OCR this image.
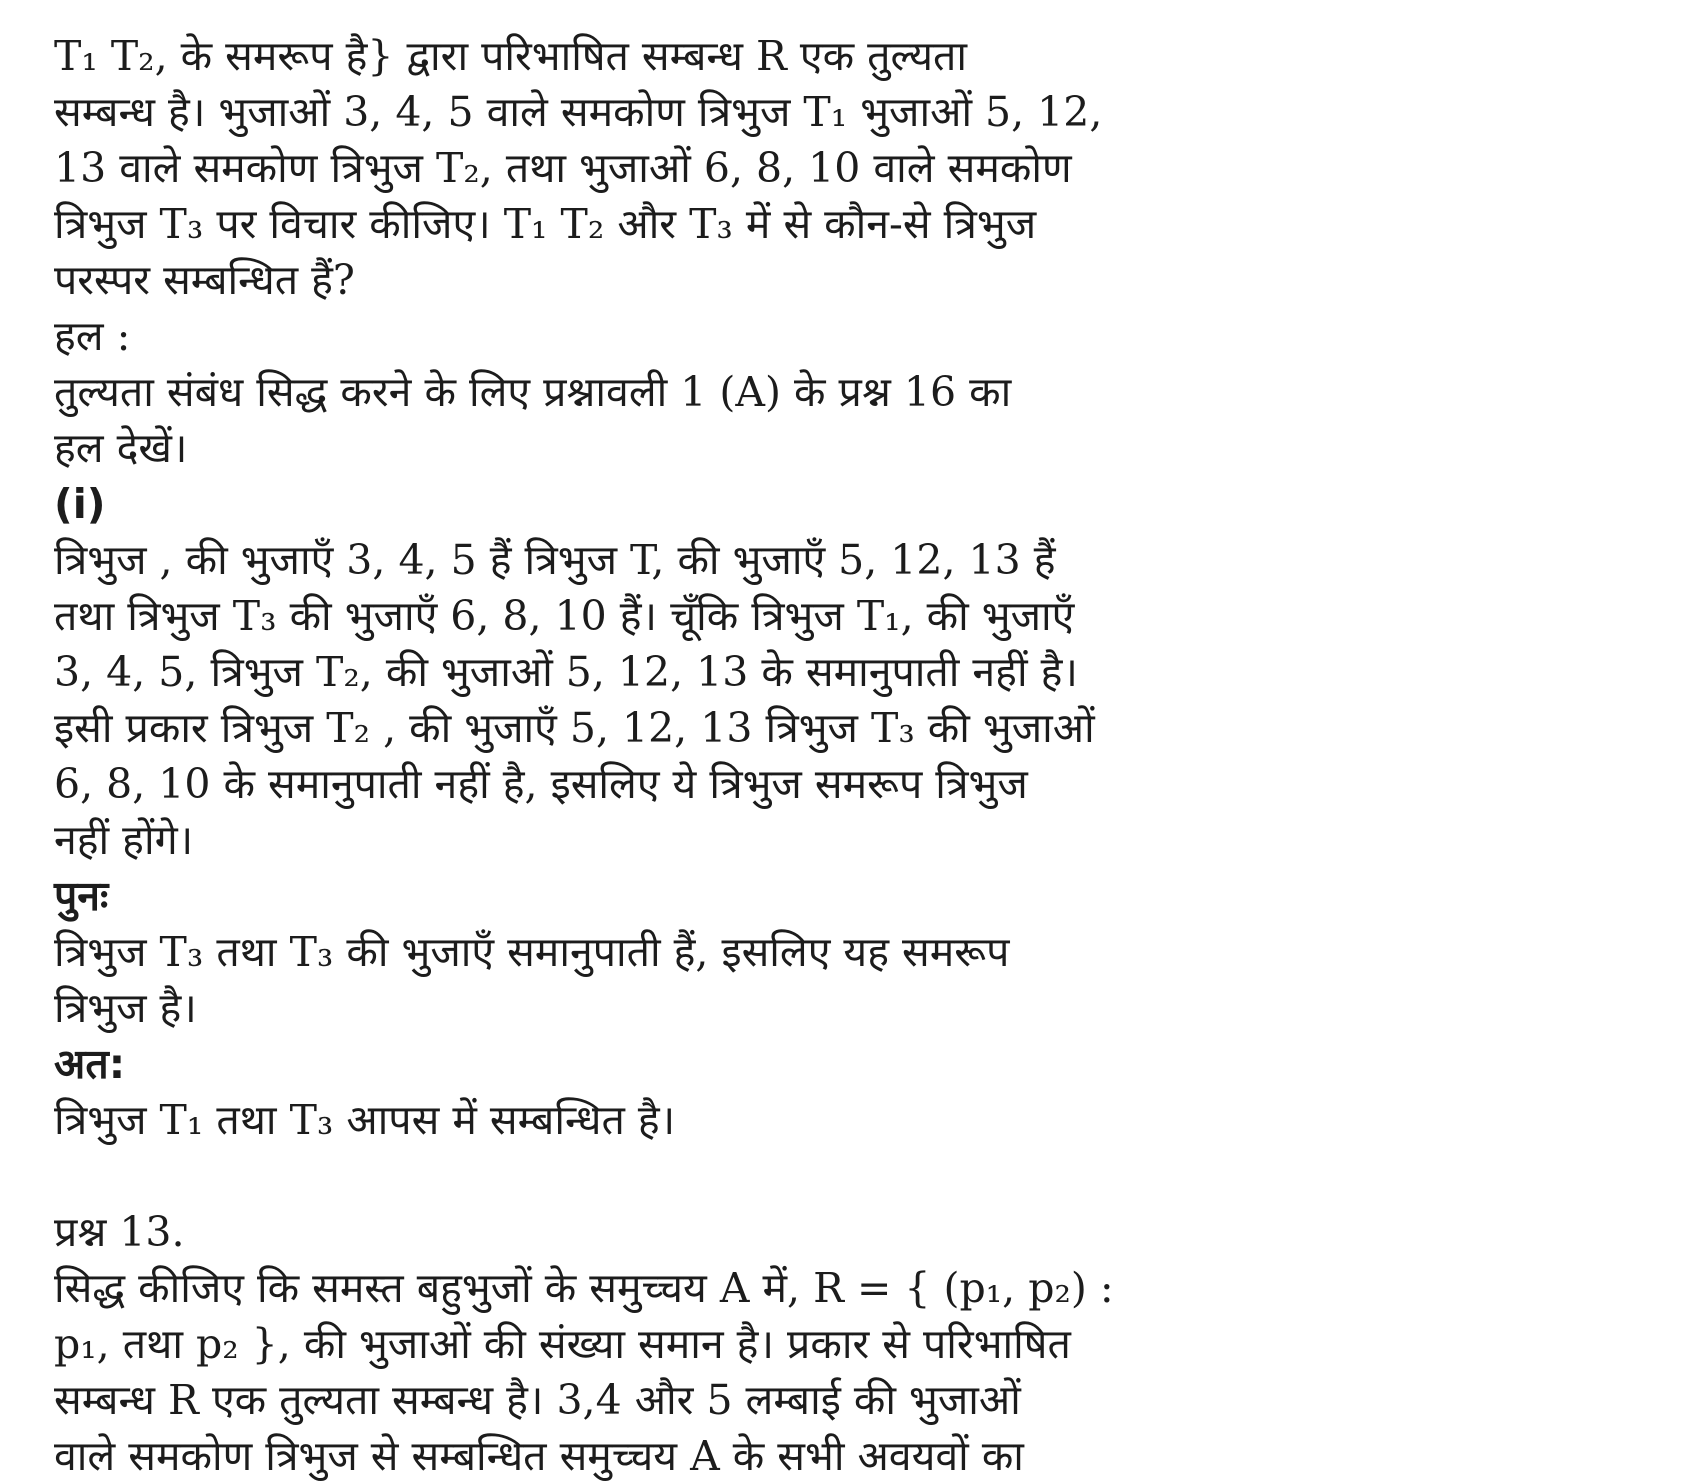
T₁ T₂, के समरूप है} द्वारा परिभाषित सम्बन्ध R एक तुल्यता
सम्बन्ध है। भुजाओं 3, 4, 5 वाले समकोण त्रिभुज T₁ भुजाओं 5, 12,
13 वाले समकोण त्रिभुज T₂, तथा भुजाओं 6, 8, 10 वाले समकोण
त्रिभुज T₃ पर विचार कीजिए। T₁ T₂ और T₃ में से कौन-से त्रिभुज
परस्पर सम्बन्धित हैं?
हल :
तुल्यता संबंध सिद्ध करने के लिए प्रश्नावली 1 (A) के प्रश्न 16 का
हल देखें।
(i)
त्रिभुज , की भुजाएँ 3, 4, 5 हैं त्रिभुज T, की भुजाएँ 5, 12, 13 हैं
तथा त्रिभुज T₃ की भुजाएँ 6, 8, 10 हैं। चूँकि त्रिभुज T₁, की भुजाएँ
3, 4, 5, त्रिभुज T₂, की भुजाओं 5, 12, 13 के समानुपाती नहीं है।
इसी प्रकार त्रिभुज T₂ , की भुजाएँ 5, 12, 13 त्रिभुज T₃ की भुजाओं
6, 8, 10 के समानुपाती नहीं है, इसलिए ये त्रिभुज समरूप त्रिभुज
नहीं होंगे।
पुनः
त्रिभुज T₃ तथा T₃ की भुजाएँ समानुपाती हैं, इसलिए यह समरूप
त्रिभुज है।
अत:
त्रिभुज T₁ तथा T₃ आपस में सम्बन्धित है।
प्रश्न 13.
सिद्ध कीजिए कि समस्त बहुभुजों के समुच्चय A में, R = { (p₁, p₂) :
p₁, तथा p₂ }, की भुजाओं की संख्या समान है। प्रकार से परिभाषित
सम्बन्ध R एक तुल्यता सम्बन्ध है। 3,4 और 5 लम्बाई की भुजाओं
वाले समकोण त्रिभुज से सम्बन्धित समुच्चय A के सभी अवयवों का
